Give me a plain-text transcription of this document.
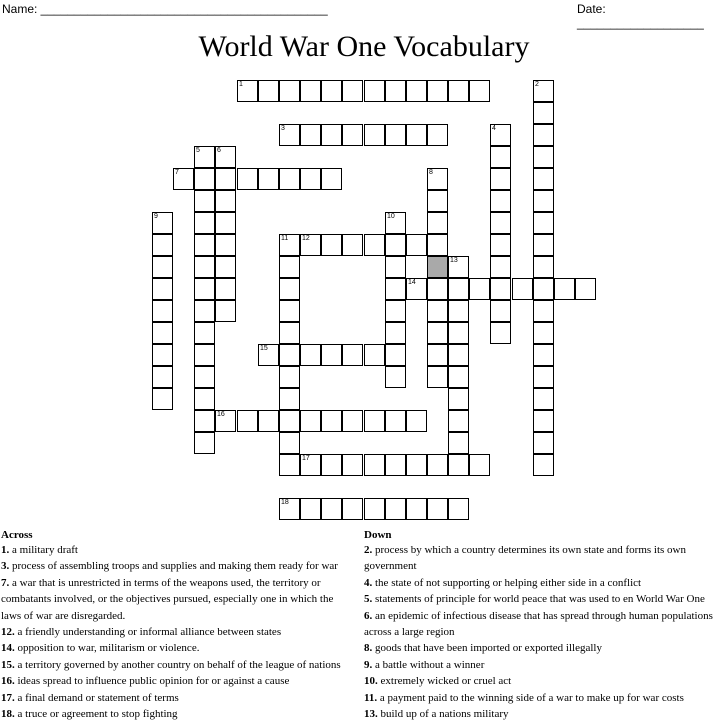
Name: ___________________________________________	Date: ___________________
World War One Vocabulary
1	2
3	4
5 6
7	8
9	10
11 12
13
14
15
16
17
18
Across
1. a military draft
3. process of assembling troops and supplies and making them ready for war
7. a war that is unrestricted in terms of the weapons used, the territory or combatants involved, or the objectives pursued, especially one in which the laws of war are disregarded.
12. a friendly understanding or informal alliance between states
14. opposition to war, militarism or violence.
15. a territory governed by another country on behalf of the league of nations
16. ideas spread to influence public opinion for or against a cause
17. a final demand or statement of terms
18. a truce or agreement to stop fighting
Down
2. process by which a country determines its own state and forms its own government
4. the state of not supporting or helping either side in a conflict
5. statements of principle for world peace that was used to en World War One
6. an epidemic of infectious disease that has spread through human populations across a large region
8. goods that have been imported or exported illegally
9. a battle without a winner
10. extremely wicked or cruel act
11. a payment paid to the winning side of a war to make up for war costs
13. build up of a nations military
